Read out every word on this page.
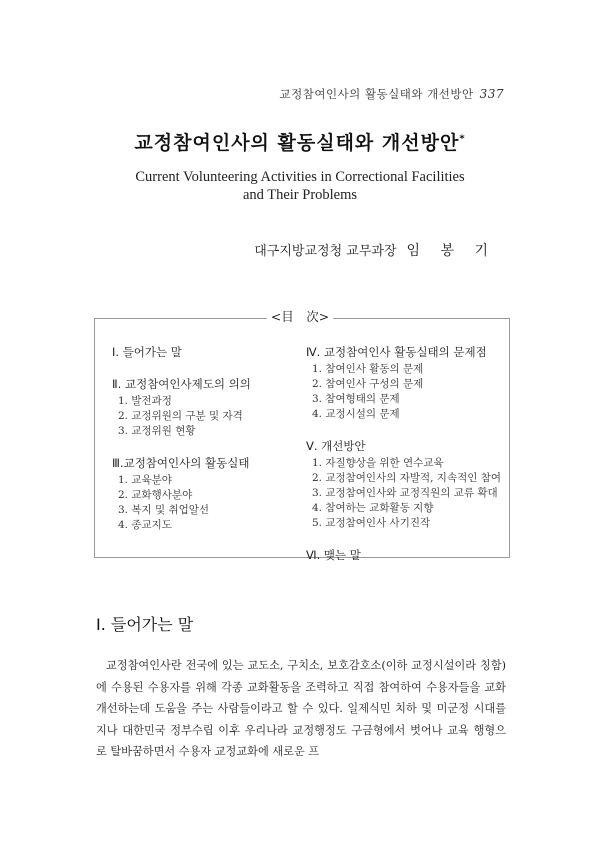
교정참여인사의 활동실태와 개선방안 337
교정참여인사의 활동실태와 개선방안*
Current Volunteering Activities in Correctional Facilities
and Their Problems
대구지방교정청 교무과장 임 봉 기
<目　次>
Ⅰ. 들어가는 말
Ⅱ. 교정참여인사제도의 의의
1. 발전과정
2. 교정위원의 구분 및 자격
3. 교정위원 현황
Ⅲ.교정참여인사의 활동실태
1. 교육분야
2. 교화행사분야
3. 복지 및 취업알선
4. 종교지도
Ⅳ. 교정참여인사 활동실태의 문제점
1. 참여인사 활동의 문제
2. 참여인사 구성의 문제
3. 참여형태의 문제
4. 교정시설의 문제
Ⅴ. 개선방안
1. 자질향상을 위한 연수교육
2. 교정참여인사의 자발적, 지속적인 참여
3. 교정참여인사와 교정직원의 교류 확대
4. 참여하는 교화활동 지향
5. 교정참여인사 사기진작
Ⅵ. 맺는 말
Ⅰ. 들어가는 말

교정참여인사란 전국에 있는 교도소, 구치소, 보호감호소(이하 교정시설이라 칭함)에 수용된 수용자를 위해 각종 교화활동을 조력하고 직접 참여하여 수용자들을 교화 개선하는데 도움을 주는 사람들이라고 할 수 있다. 일제식민 치하 및 미군정 시대를 지나 대한민국 정부수립 이후 우리나라 교정행정도 구금형에서 벗어나 교육 행형으로 탈바꿈하면서 수용자 교정교화에 새로운 프
